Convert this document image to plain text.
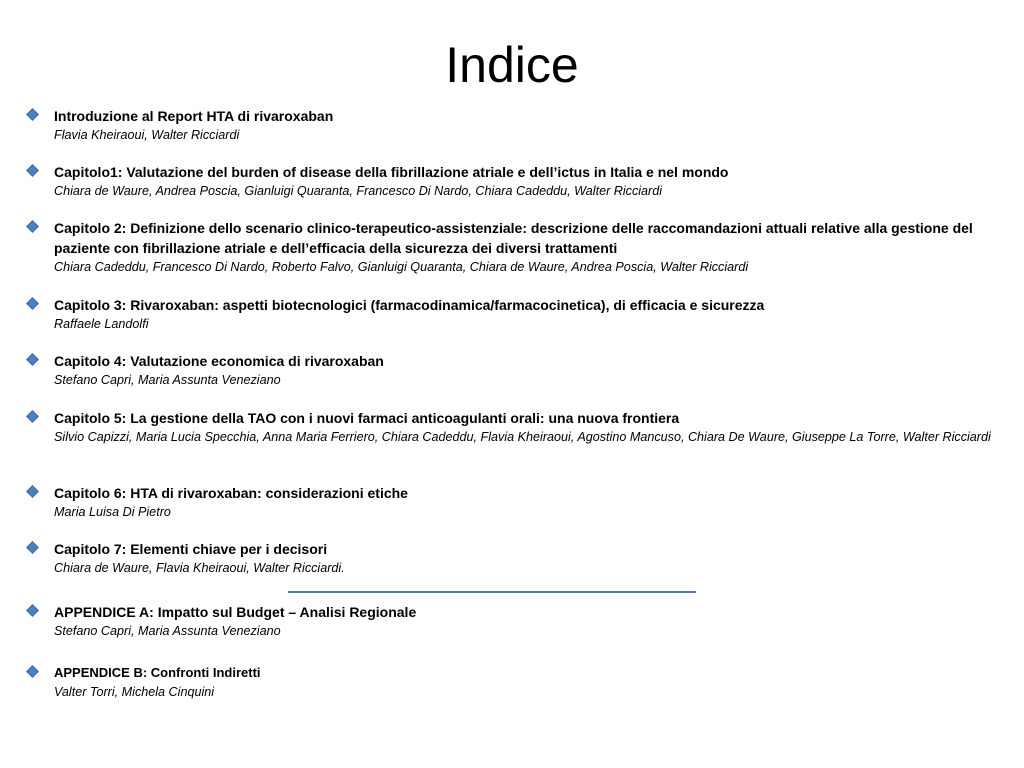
Indice
Introduzione al Report HTA di rivaroxaban
Flavia Kheiraoui, Walter Ricciardi
Capitolo1: Valutazione del burden of disease della fibrillazione atriale e dell’ictus in Italia e nel mondo
Chiara de Waure, Andrea Poscia, Gianluigi Quaranta, Francesco Di Nardo, Chiara Cadeddu, Walter Ricciardi
Capitolo 2: Definizione dello scenario clinico-terapeutico-assistenziale: descrizione delle raccomandazioni attuali relative alla gestione del paziente con fibrillazione atriale e dell’efficacia della sicurezza dei diversi trattamenti
Chiara Cadeddu, Francesco Di Nardo, Roberto Falvo, Gianluigi Quaranta, Chiara de Waure, Andrea Poscia, Walter Ricciardi
Capitolo 3: Rivaroxaban: aspetti biotecnologici (farmacodinamica/farmacocinetica), di efficacia e sicurezza
Raffaele Landolfi
Capitolo 4: Valutazione economica di rivaroxaban
Stefano Capri, Maria Assunta Veneziano
Capitolo 5: La gestione della TAO con i nuovi farmaci anticoagulanti orali: una nuova frontiera
Silvio Capizzi, Maria Lucia Specchia, Anna Maria Ferriero, Chiara Cadeddu, Flavia Kheiraoui, Agostino Mancuso, Chiara De Waure, Giuseppe La Torre, Walter Ricciardi
Capitolo 6: HTA di rivaroxaban: considerazioni etiche
Maria Luisa Di Pietro
Capitolo 7: Elementi chiave per i decisori
Chiara de Waure, Flavia Kheiraoui, Walter Ricciardi.
APPENDICE A: Impatto sul Budget – Analisi Regionale
Stefano Capri, Maria Assunta Veneziano
APPENDICE B: Confronti Indiretti
Valter Torri, Michela Cinquini
